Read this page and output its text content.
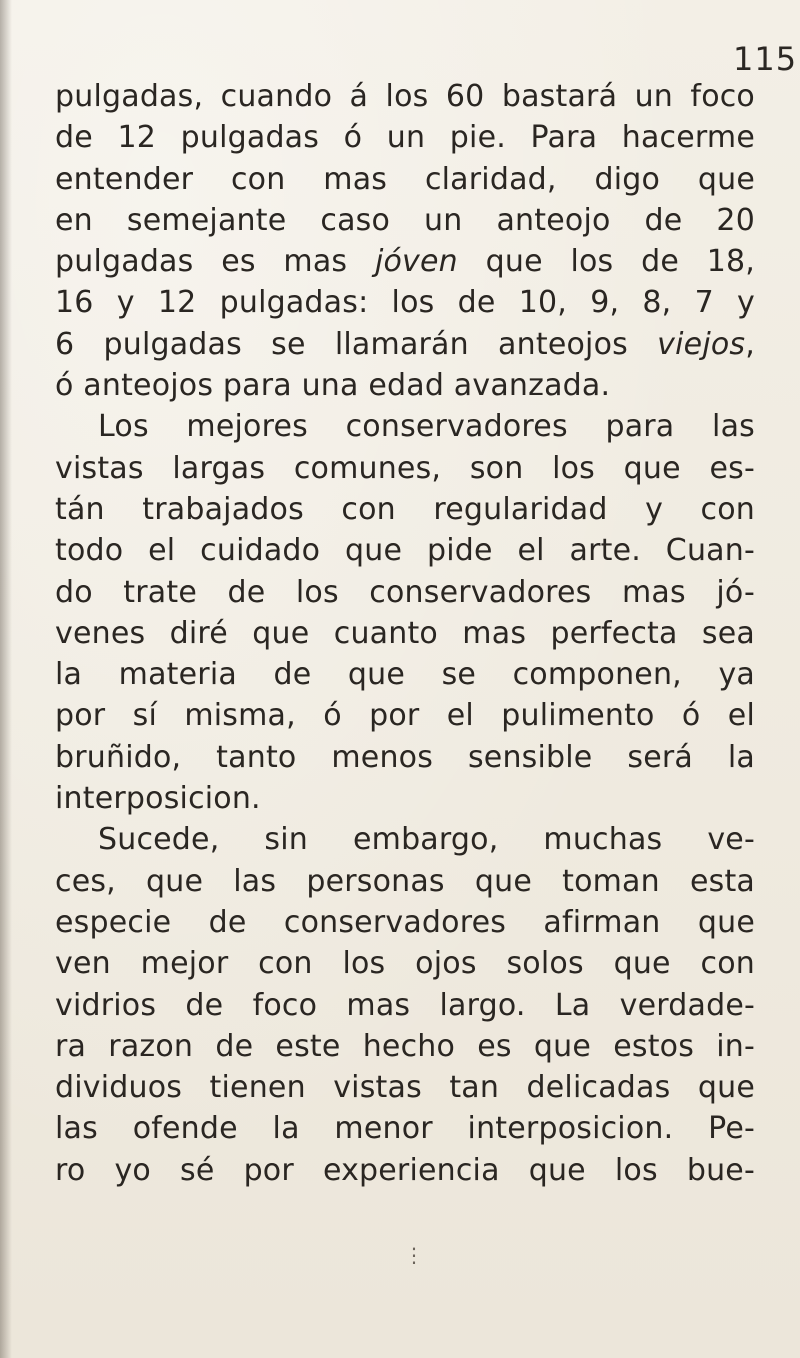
115
pulgadas, cuando á los 60 bastará un foco
de 12 pulgadas ó un pie. Para hacerme
entender con mas claridad, digo que
en semejante caso un anteojo de 20
pulgadas es mas jóven que los de 18,
16 y 12 pulgadas: los de 10, 9, 8, 7 y
6 pulgadas se llamarán anteojos viejos,
ó anteojos para una edad avanzada.
Los mejores conservadores para las
vistas largas comunes, son los que es-
tán trabajados con regularidad y con
todo el cuidado que pide el arte. Cuan-
do trate de los conservadores mas jó-
venes diré que cuanto mas perfecta sea
la materia de que se componen, ya
por sí misma, ó por el pulimento ó el
bruñido, tanto menos sensible será la
interposicion.
Sucede, sin embargo, muchas ve-
ces, que las personas que toman esta
especie de conservadores afirman que
ven mejor con los ojos solos que con
vidrios de foco mas largo. La verdade-
ra razon de este hecho es que estos in-
dividuos tienen vistas tan delicadas que
las ofende la menor interposicion. Pe-
ro yo sé por experiencia que los bue-
⋮
